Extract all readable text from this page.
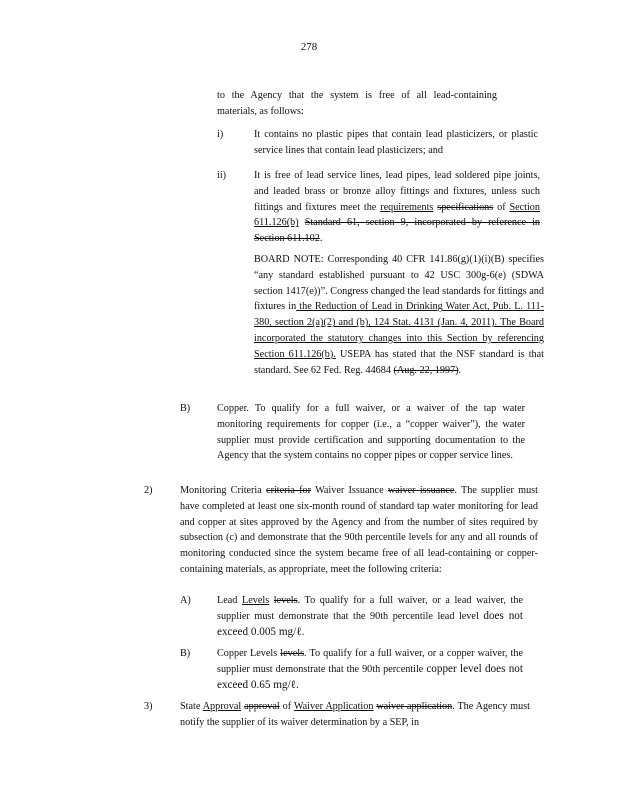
278
to the Agency that the system is free of all lead-containing materials, as follows:
i)	It contains no plastic pipes that contain lead plasticizers, or plastic service lines that contain lead plasticizers; and
ii)	It is free of lead service lines, lead pipes, lead soldered pipe joints, and leaded brass or bronze alloy fittings and fixtures, unless such fittings and fixtures meet the requirements specifications of Section 611.126(b) Standard 61, section 9, incorporated by reference in Section 611.102.
BOARD NOTE: Corresponding 40 CFR 141.86(g)(1)(i)(B) specifies “any standard established pursuant to 42 USC 300g-6(e) (SDWA section 1417(e))”. Congress changed the lead standards for fittings and fixtures in the Reduction of Lead in Drinking Water Act, Pub. L. 111-380, section 2(a)(2) and (b), 124 Stat. 4131 (Jan. 4, 2011). The Board incorporated the statutory changes into this Section by referencing Section 611.126(b). USEPA has stated that the NSF standard is that standard. See 62 Fed. Reg. 44684 (Aug. 22, 1997).
B)	Copper. To qualify for a full waiver, or a waiver of the tap water monitoring requirements for copper (i.e., a “copper waiver”), the water supplier must provide certification and supporting documentation to the Agency that the system contains no copper pipes or copper service lines.
2)	Monitoring Criteria criteria for Waiver Issuance waiver issuance. The supplier must have completed at least one six-month round of standard tap water monitoring for lead and copper at sites approved by the Agency and from the number of sites required by subsection (c) and demonstrate that the 90th percentile levels for any and all rounds of monitoring conducted since the system became free of all lead-containing or copper-containing materials, as appropriate, meet the following criteria:
A)	Lead Levels levels. To qualify for a full waiver, or a lead waiver, the supplier must demonstrate that the 90th percentile lead level does not exceed 0.005 mg/ℓ.
B)	Copper Levels levels. To qualify for a full waiver, or a copper waiver, the supplier must demonstrate that the 90th percentile copper level does not exceed 0.65 mg/ℓ.
3)	State Approval approval of Waiver Application waiver application. The Agency must notify the supplier of its waiver determination by a SEP, in
